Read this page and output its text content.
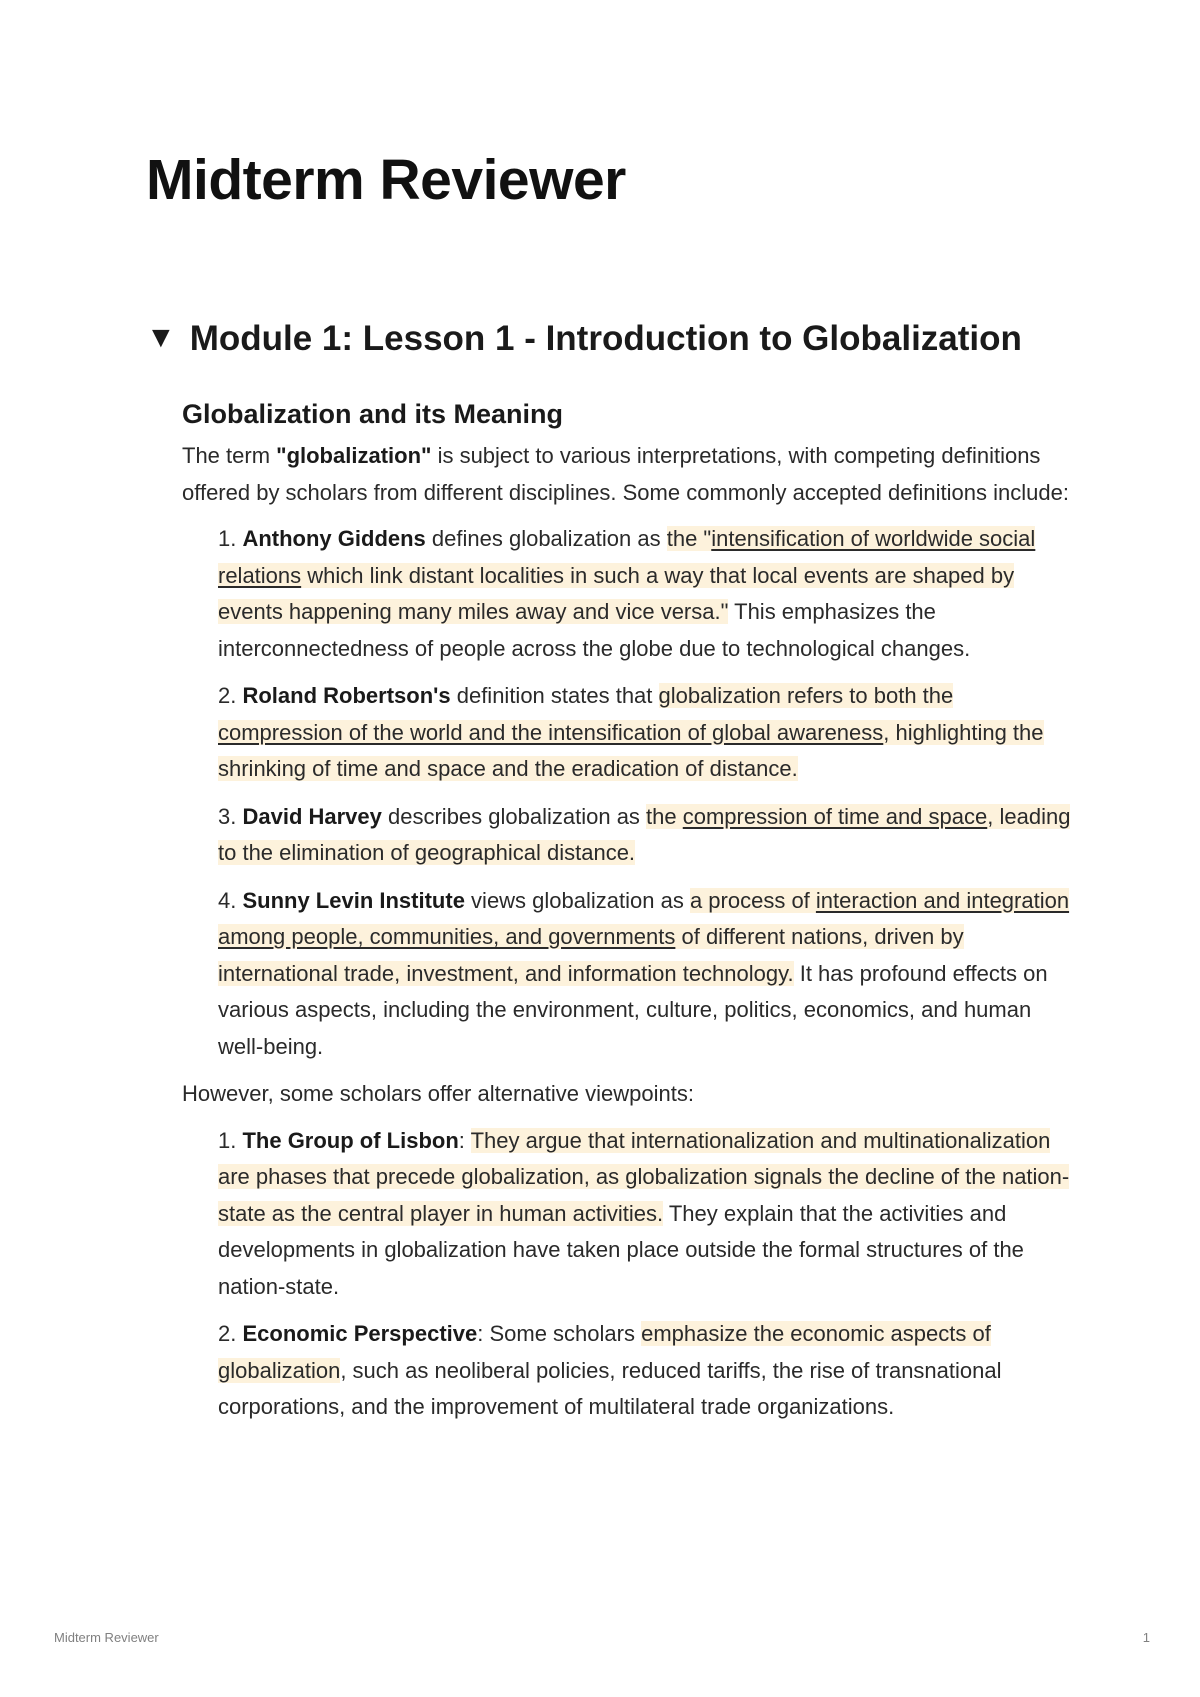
Midterm Reviewer
▼ Module 1: Lesson 1 - Introduction to Globalization
Globalization and its Meaning

The term "globalization" is subject to various interpretations, with competing definitions offered by scholars from different disciplines. Some commonly accepted definitions include:

1. Anthony Giddens defines globalization as the "intensification of worldwide social relations which link distant localities in such a way that local events are shaped by events happening many miles away and vice versa." This emphasizes the interconnectedness of people across the globe due to technological changes.
2. Roland Robertson's definition states that globalization refers to both the compression of the world and the intensification of global awareness, highlighting the shrinking of time and space and the eradication of distance.
3. David Harvey describes globalization as the compression of time and space, leading to the elimination of geographical distance.
4. Sunny Levin Institute views globalization as a process of interaction and integration among people, communities, and governments of different nations, driven by international trade, investment, and information technology. It has profound effects on various aspects, including the environment, culture, politics, economics, and human well-being.

However, some scholars offer alternative viewpoints:

1. The Group of Lisbon: They argue that internationalization and multinationalization are phases that precede globalization, as globalization signals the decline of the nation-state as the central player in human activities. They explain that the activities and developments in globalization have taken place outside the formal structures of the nation-state.
2. Economic Perspective: Some scholars emphasize the economic aspects of globalization, such as neoliberal policies, reduced tariffs, the rise of transnational corporations, and the improvement of multilateral trade organizations.
Midterm Reviewer	1
